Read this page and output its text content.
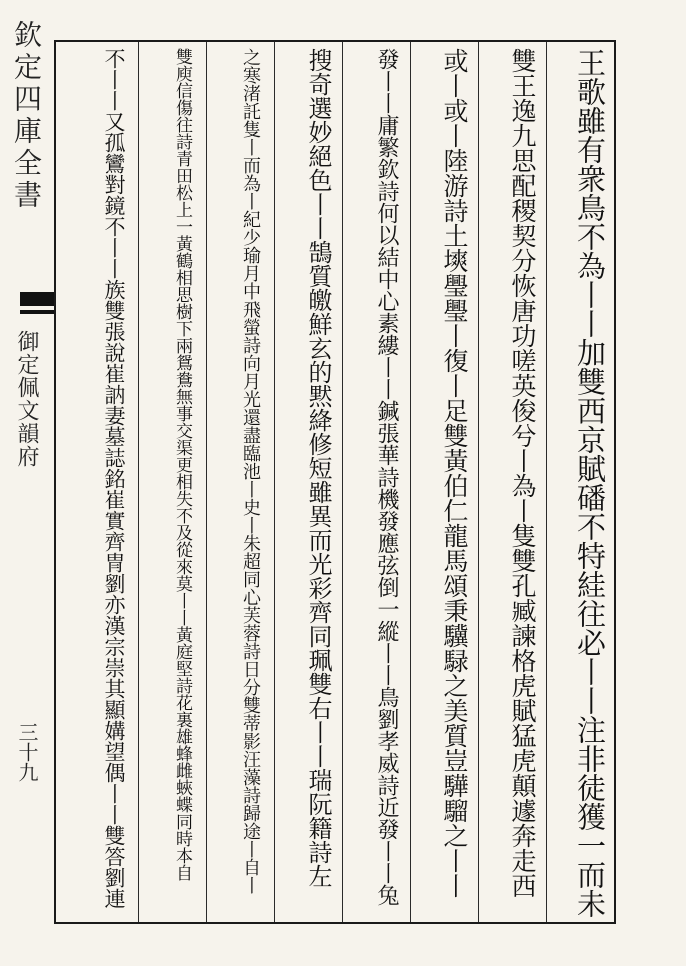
欽定四庫全書
御定佩文韻府
三十九	王歌雖有衆鳥不為丨丨加雙西京賦磻不特絓往必丨丨注非徒獲一而未
雙王逸九思配稷契分恢唐功嗟英俊兮丨為丨隻雙孔臧諫格虎賦猛虎顛遽奔走西
或丨或丨陸游詩土塽璺璺丨復丨足雙黃伯仁龍馬頌秉驥騄之美質豈驊騮之丨丨
發丨丨庸繁欽詩何以結中心素縷丨丨鍼張華詩機發應弦倒一縱丨丨鳥劉孝威詩近發丨丨兔
搜奇選妙絕色丨丨鵠質皦鮮玄的黙絳修短雖異而光彩齊同珮雙右丨丨瑞阮籍詩左
之寒渚託隻丨而為丨紀少瑜月中飛螢詩向月光還盡臨池丨史丨朱超同心芙蓉詩日分雙蒂影汪藻詩歸途丨自丨
雙庾信傷往詩青田松上一黃鶴相思樹下兩鴛鴦無事交渠更相失不及從來莫丨丨黃庭堅詩花裏雄蜂雌蛺蝶同時本自
不丨丨又孤鸞對鏡不丨丨族雙張說崔訥妻墓誌銘崔實齊冑劉亦漢宗崇其顯媾望偶丨丨雙答劉連
